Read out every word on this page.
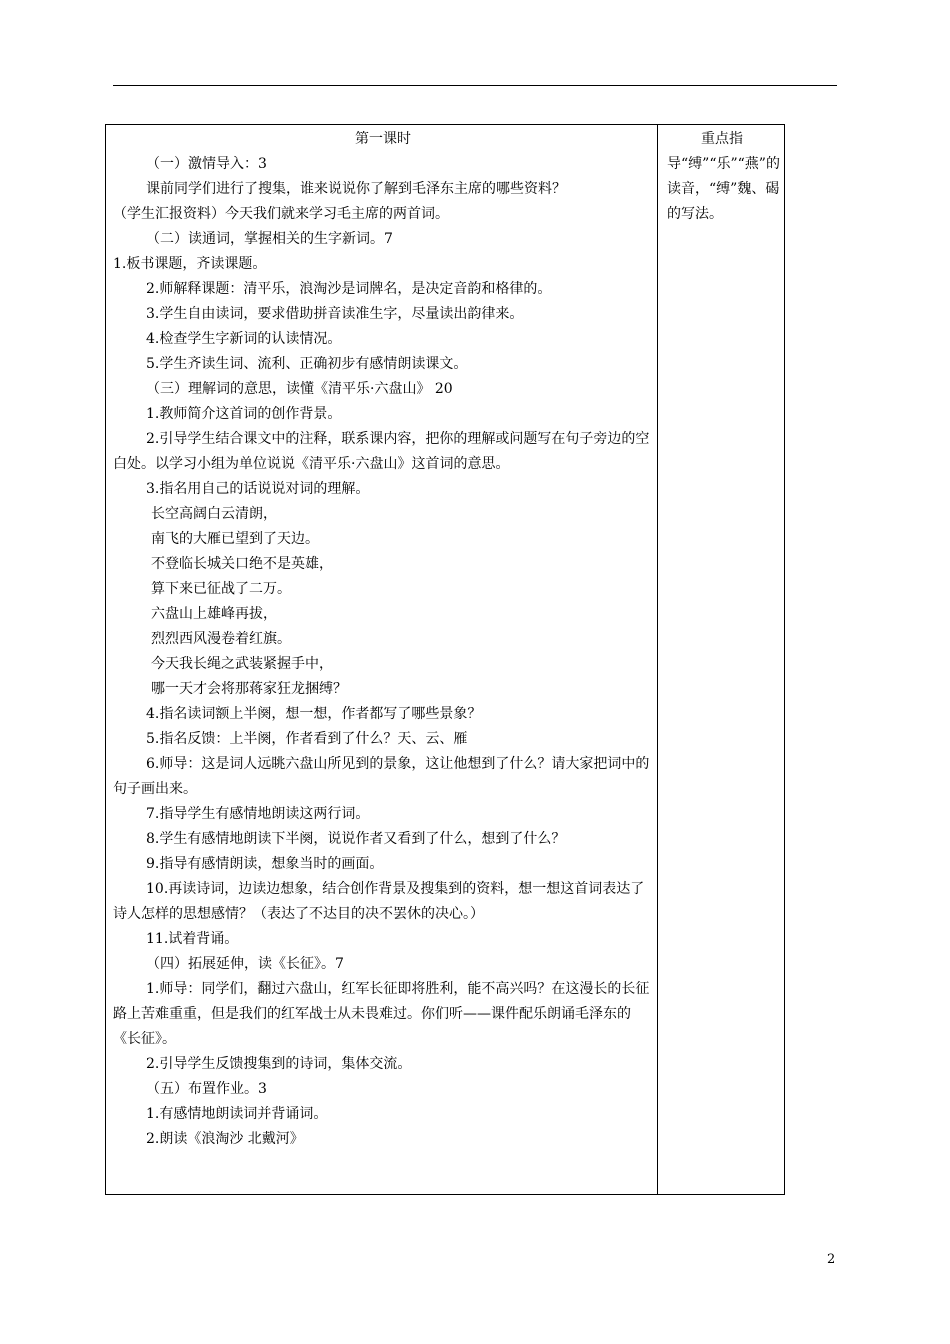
第一课时

（一）激情导入：3

课前同学们进行了搜集，谁来说说你了解到毛泽东主席的哪些资料？

（学生汇报资料）今天我们就来学习毛主席的两首词。

（二）读通词，掌握相关的生字新词。7

1.板书课题，齐读课题。

2.师解释课题：清平乐，浪淘沙是词牌名，是决定音韵和格律的。

3.学生自由读词，要求借助拼音读准生字，尽量读出韵律来。

4.检查学生字新词的认读情况。

5.学生齐读生词、流利、正确初步有感情朗读课文。

（三）理解词的意思，读懂《清平乐·六盘山》 20

1.教师简介这首词的创作背景。

2.引导学生结合课文中的注释，联系课内容，把你的理解或问题写在句子旁边的空白处。以学习小组为单位说说《清平乐·六盘山》这首词的意思。

3.指名用自己的话说说对词的理解。

长空高阔白云清朗，

南飞的大雁已望到了天边。

不登临长城关口绝不是英雄，

算下来已征战了二万。

六盘山上雄峰再拔，

烈烈西风漫卷着红旗。

今天我长绳之武装紧握手中，

哪一天才会将那蒋家狂龙捆缚？

4.指名读词额上半阕，想一想，作者都写了哪些景象？

5.指名反馈：上半阕，作者看到了什么？天、云、雁

6.师导：这是词人远眺六盘山所见到的景象，这让他想到了什么？请大家把词中的句子画出来。

7.指导学生有感情地朗读这两行词。

8.学生有感情地朗读下半阕，说说作者又看到了什么，想到了什么？

9.指导有感情朗读，想象当时的画面。

10.再读诗词，边读边想象，结合创作背景及搜集到的资料，想一想这首词表达了诗人怎样的思想感情？（表达了不达目的决不罢休的决心。）

11.试着背诵。

（四）拓展延伸，读《长征》。7

1.师导：同学们，翻过六盘山，红军长征即将胜利，能不高兴吗？在这漫长的长征路上苦难重重，但是我们的红军战士从未畏难过。你们听——课件配乐朗诵毛泽东的《长征》。

2.引导学生反馈搜集到的诗词，集体交流。

（五）布置作业。3

1.有感情地朗读词并背诵词。

2.朗读《浪淘沙 北戴河》

重点指导“缚”“乐”“燕”的读音，“缚”魏、碣的写法。

2
